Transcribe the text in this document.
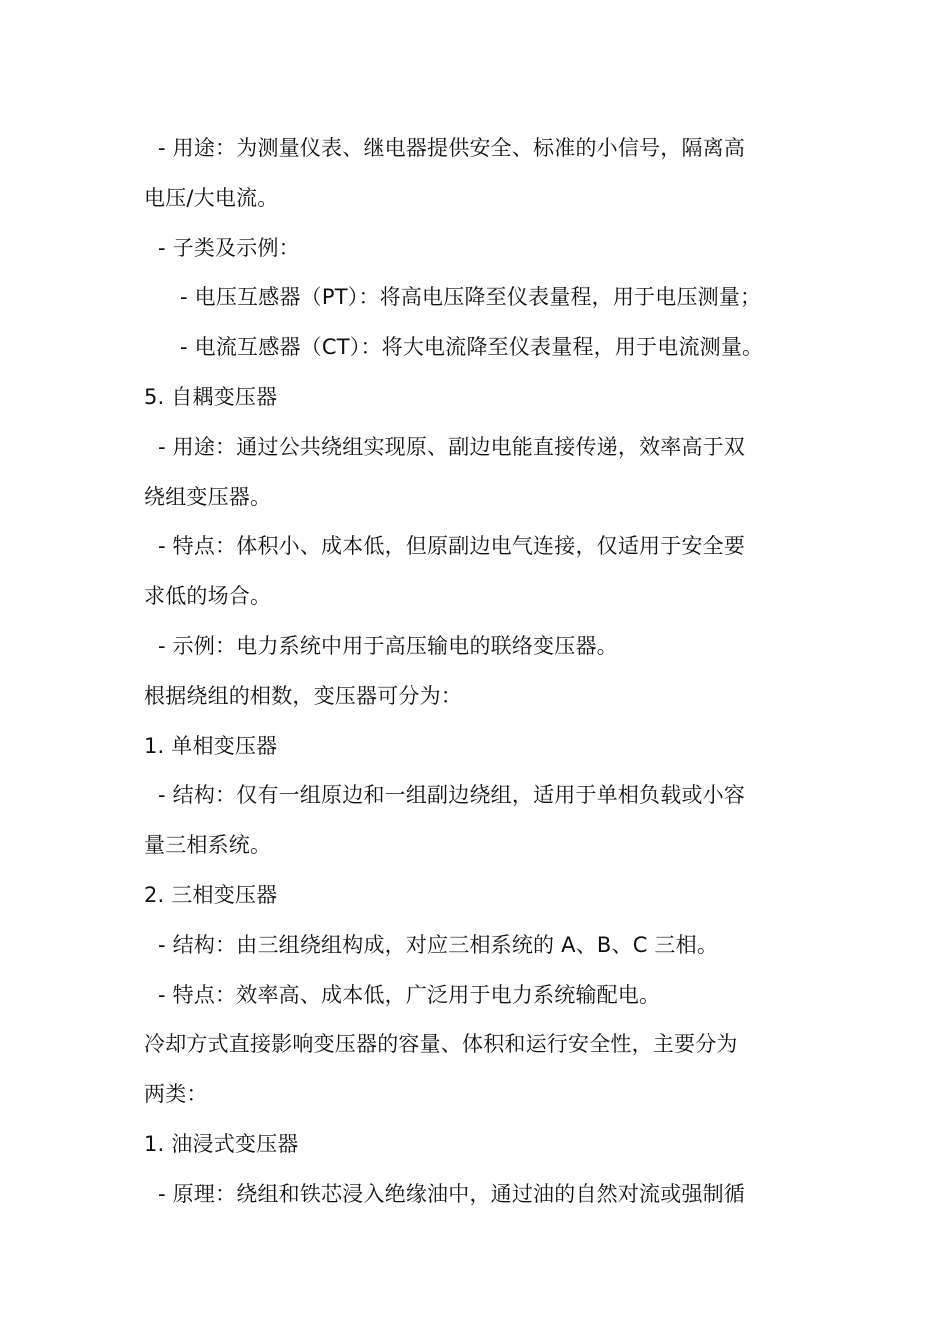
- 用途：为测量仪表、继电器提供安全、标准的小信号，隔离高
电压/大电流。
- 子类及示例：
- 电压互感器（PT）：将高电压降至仪表量程，用于电压测量；
- 电流互感器（CT）：将大电流降至仪表量程，用于电流测量。
5. 自耦变压器
- 用途：通过公共绕组实现原、副边电能直接传递，效率高于双
绕组变压器。
- 特点：体积小、成本低，但原副边电气连接，仅适用于安全要
求低的场合。
- 示例：电力系统中用于高压输电的联络变压器。
根据绕组的相数，变压器可分为：
1. 单相变压器
- 结构：仅有一组原边和一组副边绕组，适用于单相负载或小容
量三相系统。
2. 三相变压器
- 结构：由三组绕组构成，对应三相系统的 A、B、C 三相。
- 特点：效率高、成本低，广泛用于电力系统输配电。
冷却方式直接影响变压器的容量、体积和运行安全性，主要分为
两类：
1. 油浸式变压器
- 原理：绕组和铁芯浸入绝缘油中，通过油的自然对流或强制循
